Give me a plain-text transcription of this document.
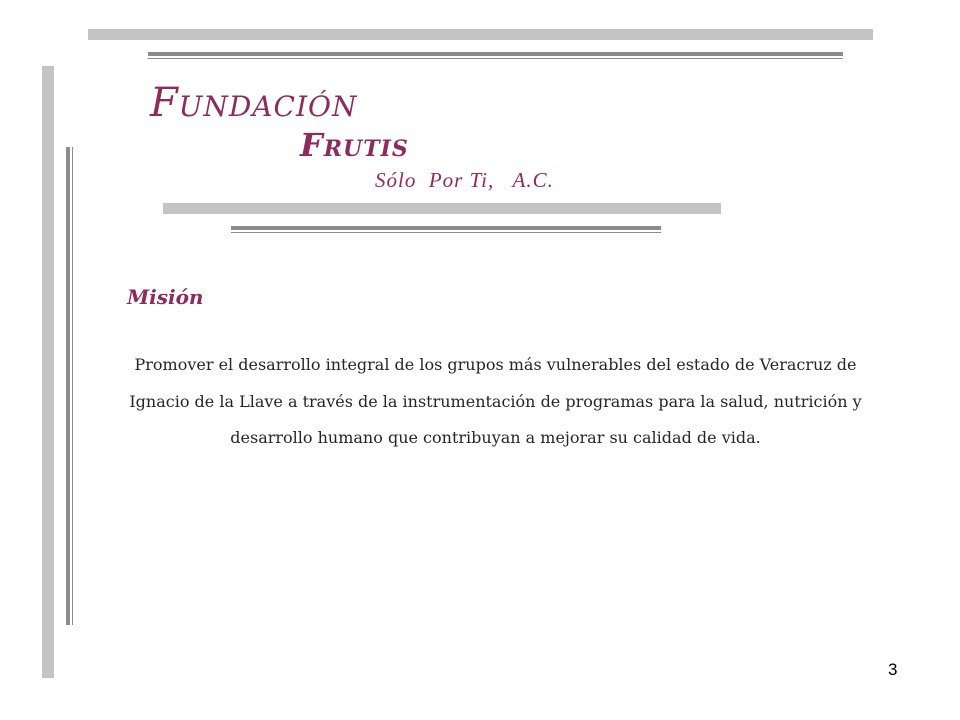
Fundación
Frutis

Sólo  Por Ti,   A.C.

Misión

Promover el desarrollo integral de los grupos más vulnerables del estado de Veracruz de Ignacio de la Llave a través de la instrumentación de programas para la salud, nutrición y desarrollo humano que contribuyan a mejorar su calidad de vida.

3
